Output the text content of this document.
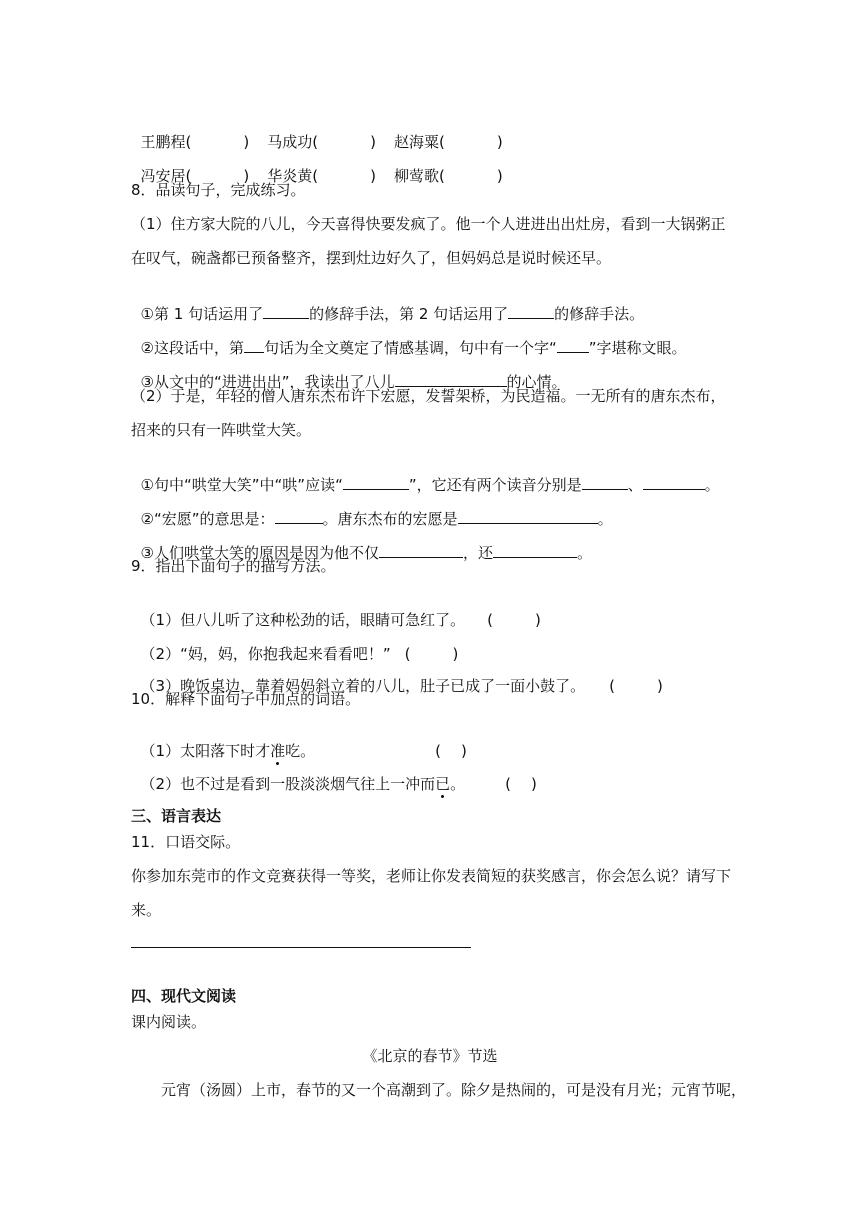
王鹏程(	) 马成功(	) 赵海粟(	)

冯安居(	) 华炎黄(	) 柳莺歌(	)

8．品读句子，完成练习。
（1）住方家大院的八儿，今天喜得快要发疯了。他一个人进进出出灶房，看到一大锅粥正
在叹气，碗盏都已预备整齐，摆到灶边好久了，但妈妈总是说时候还早。

①第 1 句话运用了	的修辞手法，第 2 句话运用了	的修辞手法。

②这段话中，第 句话为全文奠定了情感基调，句中有一个字“ ”字堪称文眼。

③从文中的“进进出出”，我读出了八儿	的心情。

（2）于是，年轻的僧人唐东杰布许下宏愿，发誓架桥，为民造福。一无所有的唐东杰布，
招来的只有一阵哄堂大笑。

①句中“哄堂大笑”中“哄”应读“	”，它还有两个读音分别是	、	。

②“宏愿”的意思是：	。唐东杰布的宏愿是	。

③人们哄堂大笑的原因是因为他不仅	，还	。

9．指出下面句子的描写方法。

（1）但八儿听了这种松劲的话，眼睛可急红了。 (	)

（2）“妈，妈，你抱我起来看看吧！” (	)

（3）晚饭桌边，靠着妈妈斜立着的八儿，肚子已成了一面小鼓了。 (	)

10．解释下面句子中加点的词语。

（1）太阳落下时才准吃。	( )

（2）也不过是看到一股淡淡烟气往上一冲而已。	( )

三、语言表达
11．口语交际。
你参加东莞市的作文竞赛获得一等奖，老师让你发表简短的获奖感言，你会怎么说？请写下
来。
四、现代文阅读
课内阅读。
《北京的春节》节选
元宵（汤圆）上市，春节的又一个高潮到了。除夕是热闹的，可是没有月光；元宵节呢，
